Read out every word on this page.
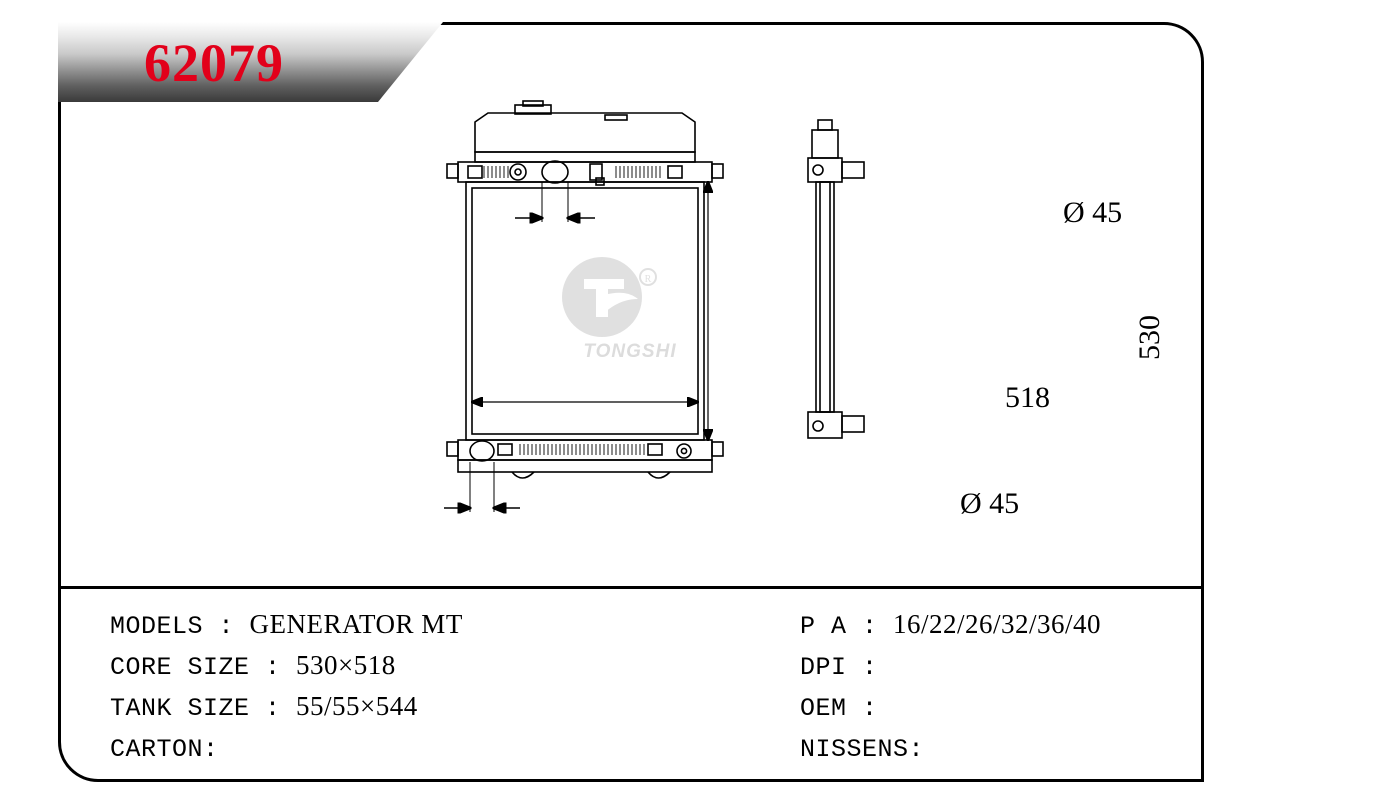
62079
R
TONGSHI
Ø 45
530
518
Ø 45
MODELS : GENERATOR MT
CORE SIZE : 530×518
TANK SIZE : 55/55×544
CARTON:
P A : 16/22/26/32/36/40
DPI :
OEM :
NISSENS:
